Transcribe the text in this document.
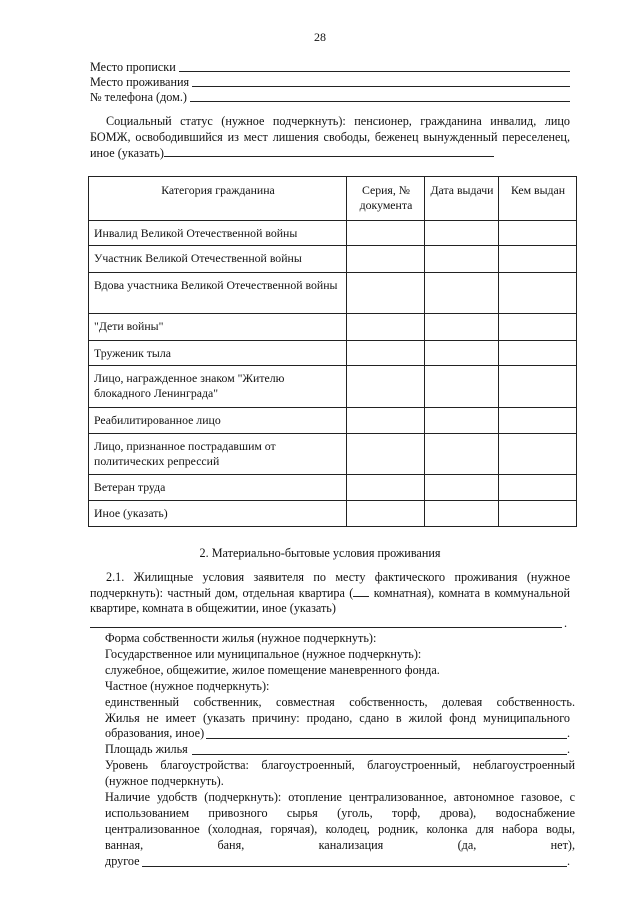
28
Место прописки
Место проживания
№ телефона (дом.)
Социальный статус (нужное подчеркнуть): пенсионер, гражданина инвалид, лицо БОМЖ, освободившийся из мест лишения свободы, беженец вынужденный переселенец, иное (указать)
Категория гражданина	Серия, № документа	Дата выдачи	Кем выдан
Инвалид Великой Отечественной войны			
Участник Великой Отечественной войны			
Вдова участника Великой Отечественной войны			
"Дети войны"			
Труженик тыла			
Лицо, награжденное знаком "Жителю блокадного Ленинграда"			
Реабилитированное лицо			
Лицо, признанное пострадавшим от политических репрессий			
Ветеран труда			
Иное (указать)			
2. Материально-бытовые условия проживания
2.1. Жилищные условия заявителя по месту фактического проживания (нужное подчеркнуть): частный дом, отдельная квартира ( комнатная), комната в коммунальной квартире, комната в общежитии, иное (указать)
.
Форма собственности жилья (нужное подчеркнуть):
Государственное или муниципальное (нужное подчеркнуть):
служебное, общежитие, жилое помещение маневренного фонда.
Частное (нужное подчеркнуть):
единственный собственник, совместная собственность, долевая собственность.
Жилья не имеет (указать причину: продано, сдано в жилой фонд муниципального
образования, иное)	.
Площадь жилья	.
Уровень благоустройства: благоустроенный, благоустроенный, неблагоустроенный
(нужное подчеркнуть).
Наличие удобств (подчеркнуть): отопление централизованное, автономное газовое, с
использованием привозного сырья (уголь, торф, дрова), водоснабжение
централизованное (холодная, горячая), колодец, родник, колонка для набора воды,
ванная, баня, канализация (да, нет),
другое	.
